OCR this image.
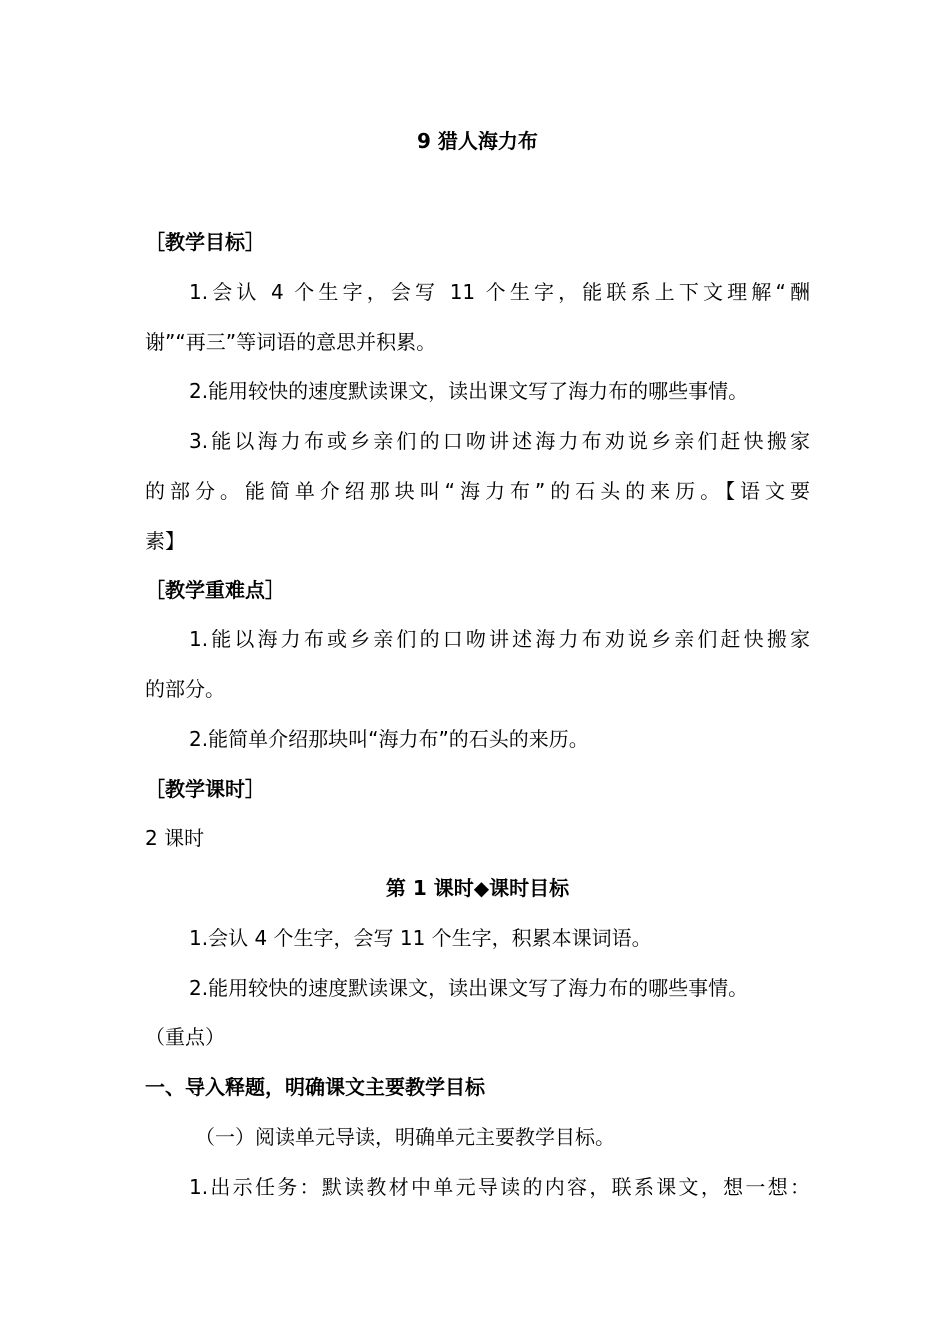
9 猎人海力布
［教学目标］
1.会认 4 个生字，会写 11 个生字，能联系上下文理解“酬
谢”“再三”等词语的意思并积累。
2.能用较快的速度默读课文，读出课文写了海力布的哪些事情。
3.能以海力布或乡亲们的口吻讲述海力布劝说乡亲们赶快搬家
的部分。能简单介绍那块叫“海力布”的石头的来历。【语文要
素】
［教学重难点］
1.能以海力布或乡亲们的口吻讲述海力布劝说乡亲们赶快搬家
的部分。
2.能简单介绍那块叫“海力布”的石头的来历。
［教学课时］
2 课时
第 1 课时◆课时目标
1.会认 4 个生字，会写 11 个生字，积累本课词语。
2.能用较快的速度默读课文，读出课文写了海力布的哪些事情。
（重点）
一、导入释题，明确课文主要教学目标
（一）阅读单元导读，明确单元主要教学目标。
1.出示任务：默读教材中单元导读的内容，联系课文，想一想：
